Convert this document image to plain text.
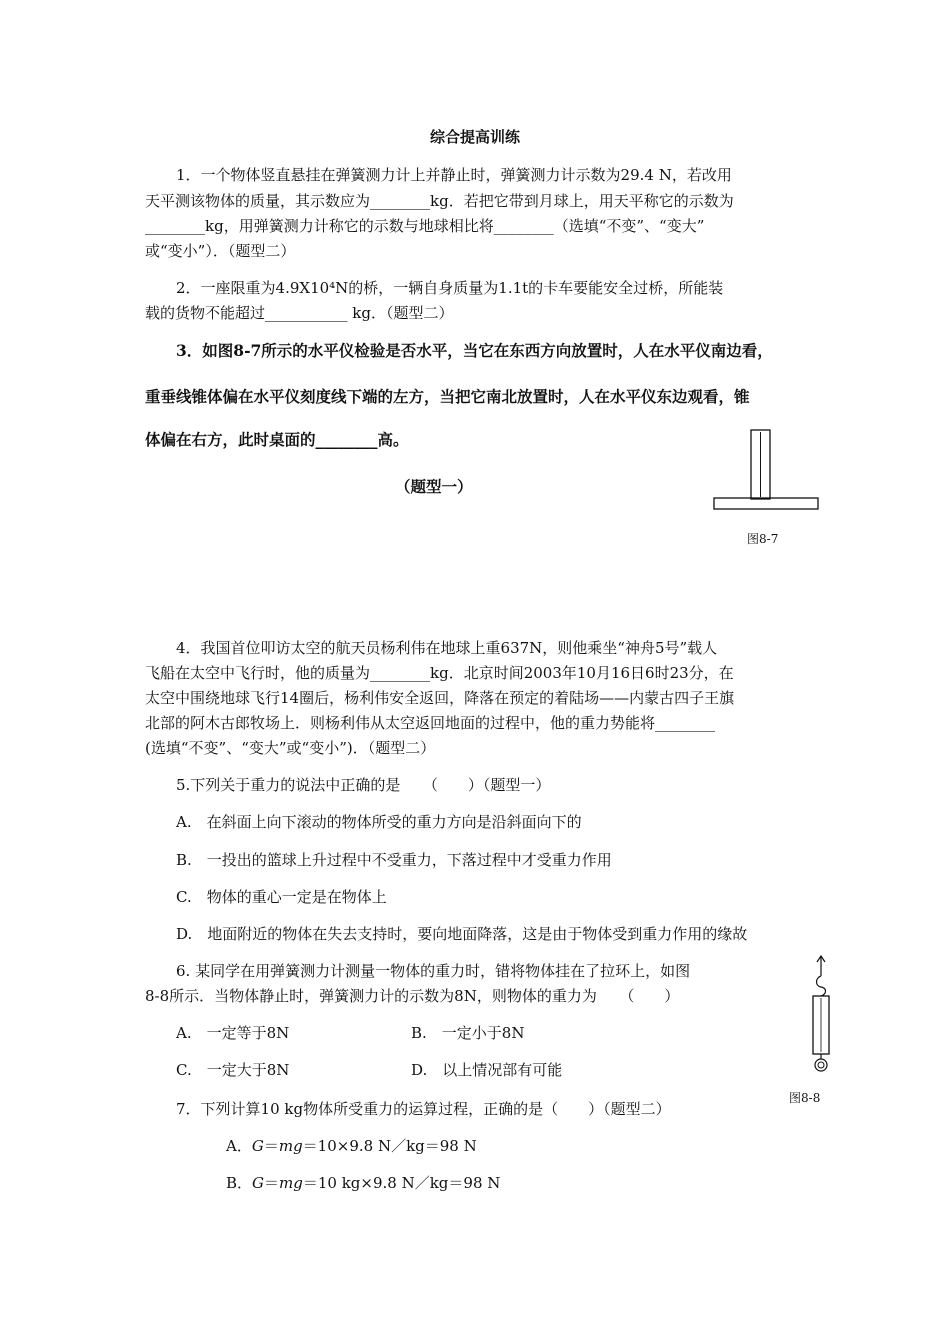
综合提高训练
1．一个物体竖直悬挂在弹簧测力计上并静止时，弹簧测力计示数为29.4 N，若改用
天平测该物体的质量，其示数应为________kg．若把它带到月球上，用天平称它的示数为
________kg，用弹簧测力计称它的示数与地球相比将________（选填“不变”、“变大”
或“变小”）．（题型二）
2．一座限重为4.9X10⁴N的桥，一辆自身质量为1.1t的卡车要能安全过桥，所能装
载的货物不能超过___________ kg．（题型二）
3．如图8-7所示的水平仪检验是否水平，当它在东西方向放置时，人在水平仪南边看，
重垂线锥体偏在水平仪刻度线下端的左方，当把它南北放置时，人在水平仪东边观看，锥
体偏在右方，此时桌面的________高。
（题型一）
图8-7
4．我国首位叩访太空的航天员杨利伟在地球上重637N，则他乘坐“神舟5号”载人
飞船在太空中飞行时，他的质量为________kg．北京时间2003年10月16日6时23分，在
太空中围绕地球飞行14圈后，杨利伟安全返回，降落在预定的着陆场——内蒙古四子王旗
北部的阿木古郎牧场上．则杨利伟从太空返回地面的过程中，他的重力势能将________
(选填“不变”、“变大”或“变小”)．（题型二）
5.下列关于重力的说法中正确的是　　（　　）（题型一）
A.　在斜面上向下滚动的物体所受的重力方向是沿斜面向下的
B.　一投出的篮球上升过程中不受重力，下落过程中才受重力作用
C.　物体的重心一定是在物体上
D.　地面附近的物体在失去支持时，要向地面降落，这是由于物体受到重力作用的缘故
6. 某同学在用弹簧测力计测量一物体的重力时，错将物体挂在了拉环上，如图
8-8所示．当物体静止时，弹簧测力计的示数为8N，则物体的重力为　　（　　）
A.　一定等于8N	B.　一定小于8N
C.　一定大于8N	D.　以上情况部有可能
图8-8
7．下列计算10 kg物体所受重力的运算过程，正确的是（　　）（题型二）
A．G＝mg＝10×9.8 N／kg＝98 N
B．G＝mg＝10 kg×9.8 N／kg＝98 N
